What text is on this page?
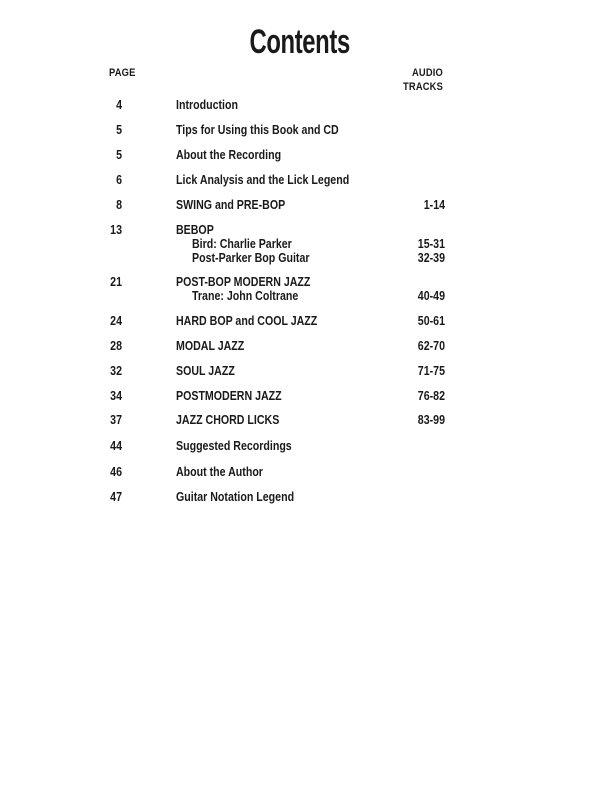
Contents
PAGE	AUDIO TRACKS
4	Introduction
5	Tips for Using this Book and CD
5	About the Recording
6	Lick Analysis and the Lick Legend
8	SWING and PRE-BOP	1-14
13	BEBOP
Bird: Charlie Parker	15-31
Post-Parker Bop Guitar	32-39
21	POST-BOP MODERN JAZZ
Trane: John Coltrane	40-49
24	HARD BOP and COOL JAZZ	50-61
28	MODAL JAZZ	62-70
32	SOUL JAZZ	71-75
34	POSTMODERN JAZZ	76-82
37	JAZZ CHORD LICKS	83-99
44	Suggested Recordings
46	About the Author
47	Guitar Notation Legend
